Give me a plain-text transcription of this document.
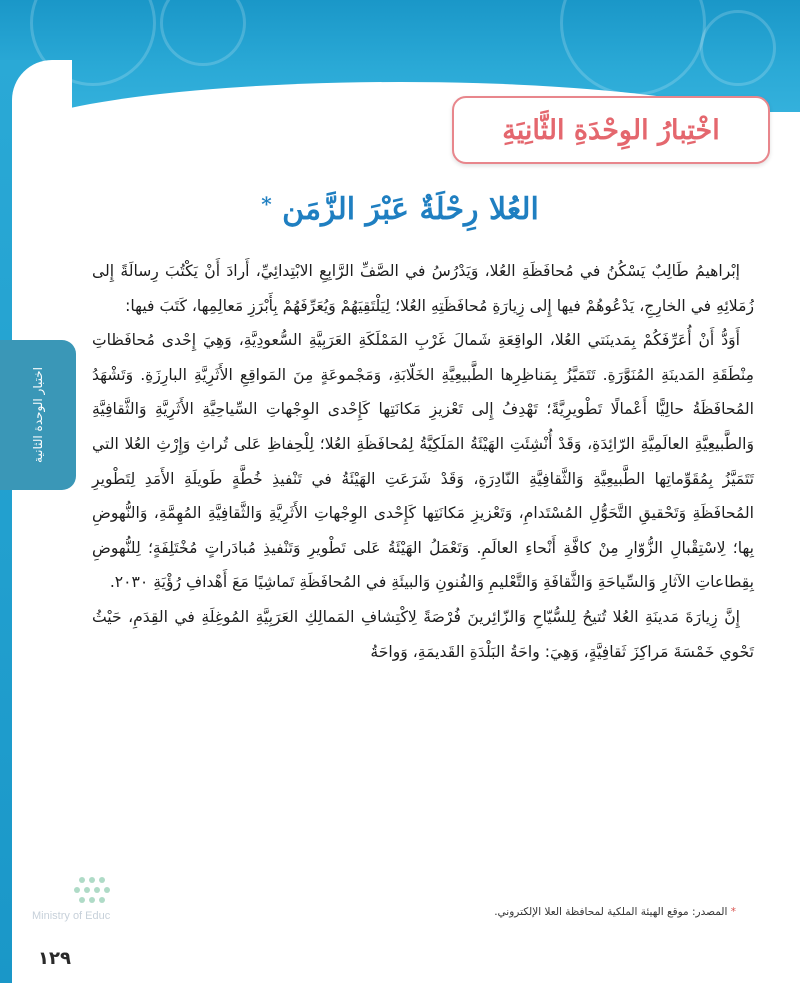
اختبار الوحدة الثانية
اخْتِبارُ الوِحْدَةِ الثَّانِيَةِ
العُلا رِحْلَةٌ عَبْرَ الزَّمَن *

إبْراهيمُ طَالِبٌ يَسْكُنُ في مُحافَظَةِ العُلا، وَيَدْرُسُ في الصَّفِّ الرَّابِعِ الابْتِدائِيِّ، أَرادَ أَنْ يَكْتُبَ رِسالَةً إِلى زُمَلائِهِ في الخارِجِ، يَدْعُوهُمْ فيها إِلى زِيارَةِ مُحافَظَتِهِ العُلا؛ لِيَلْتَقِيَهُمْ وَيُعَرِّفَهُمْ بِأَبْرَزِ مَعالِمِها، كَتَبَ فيها:

أَوَدُّ أَنْ أُعَرِّفَكُمْ بِمَدينَتي العُلا، الواقِعَةِ شَمالَ غَرْبِ المَمْلَكَةِ العَرَبِيَّةِ السُّعودِيَّةِ، وَهِيَ إِحْدى مُحافَظاتِ مِنْطَقَةِ المَدينَةِ المُنَوَّرَةِ. تَتَمَيَّزُ بِمَناظِرِها الطَّبيعِيَّةِ الخَلّابَةِ، وَمَجْموعَةٍ مِنَ المَواقِعِ الأَثَرِيَّةِ البارِزَةِ. وَتَشْهَدُ المُحافَظَةُ حالِيًّا أَعْمالًا تَطْويرِيَّةً؛ تَهْدِفُ إِلى تَعْزيزِ مَكانَتِها كَإِحْدى الوِجْهاتِ السِّياحِيَّةِ الأَثَرِيَّةِ وَالثَّقافِيَّةِ وَالطَّبيعِيَّةِ العالَمِيَّةِ الرّائِدَةِ، وَقَدْ أُنْشِئَتِ الهَيْئَةُ المَلَكِيَّةُ لِمُحافَظَةِ العُلا؛ لِلْحِفاظِ عَلى تُراثِ وَإِرْثِ العُلا التي تَتَمَيَّزُ بِمُقَوِّماتِها الطَّبيعِيَّةِ وَالثَّقافِيَّةِ النّادِرَةِ، وَقَدْ شَرَعَتِ الهَيْئَةُ في تَنْفيذِ خُطَّةٍ طَويلَةِ الأَمَدِ لِتَطْويرِ المُحافَظَةِ وَتَحْقيقِ التَّحَوُّلِ المُسْتَدامِ، وَتَعْزيزِ مَكانَتِها كَإِحْدى الوِجْهاتِ الأَثَرِيَّةِ وَالثَّقافِيَّةِ المُهِمَّةِ، وَالنُّهوضِ بِها؛ لِاسْتِقْبالِ الزُّوّارِ مِنْ كافَّةِ أَنْحاءِ العالَمِ. وَتَعْمَلُ الهَيْئَةُ عَلى تَطْويرِ وَتَنْفيذِ مُبادَراتٍ مُخْتَلِفَةٍ؛ لِلنُّهوضِ بِقِطاعاتِ الآثارِ وَالسِّياحَةِ وَالثَّقافَةِ وَالتَّعْليمِ وَالفُنونِ وَالبيئَةِ في المُحافَظَةِ تَماشِيًا مَعَ أَهْدافِ رُؤْيَةِ ٢٠٣٠.

إِنَّ زِيارَةَ مَدينَةِ العُلا تُتيحُ لِلسُّيّاحِ وَالزّائِرينَ فُرْصَةً لِاكْتِشافِ المَمالِكِ العَرَبِيَّةِ المُوغِلَةِ في القِدَمِ، حَيْثُ تَحْوي خَمْسَةَ مَراكِزَ ثَقافِيَّةٍ، وَهِيَ: واحَةُ البَلْدَةِ القَديمَةِ، وَواحَةُ

Ministry of Educ	* المصدر: موقع الهيئة الملكية لمحافظة العلا الإلكتروني.
١٢٩
